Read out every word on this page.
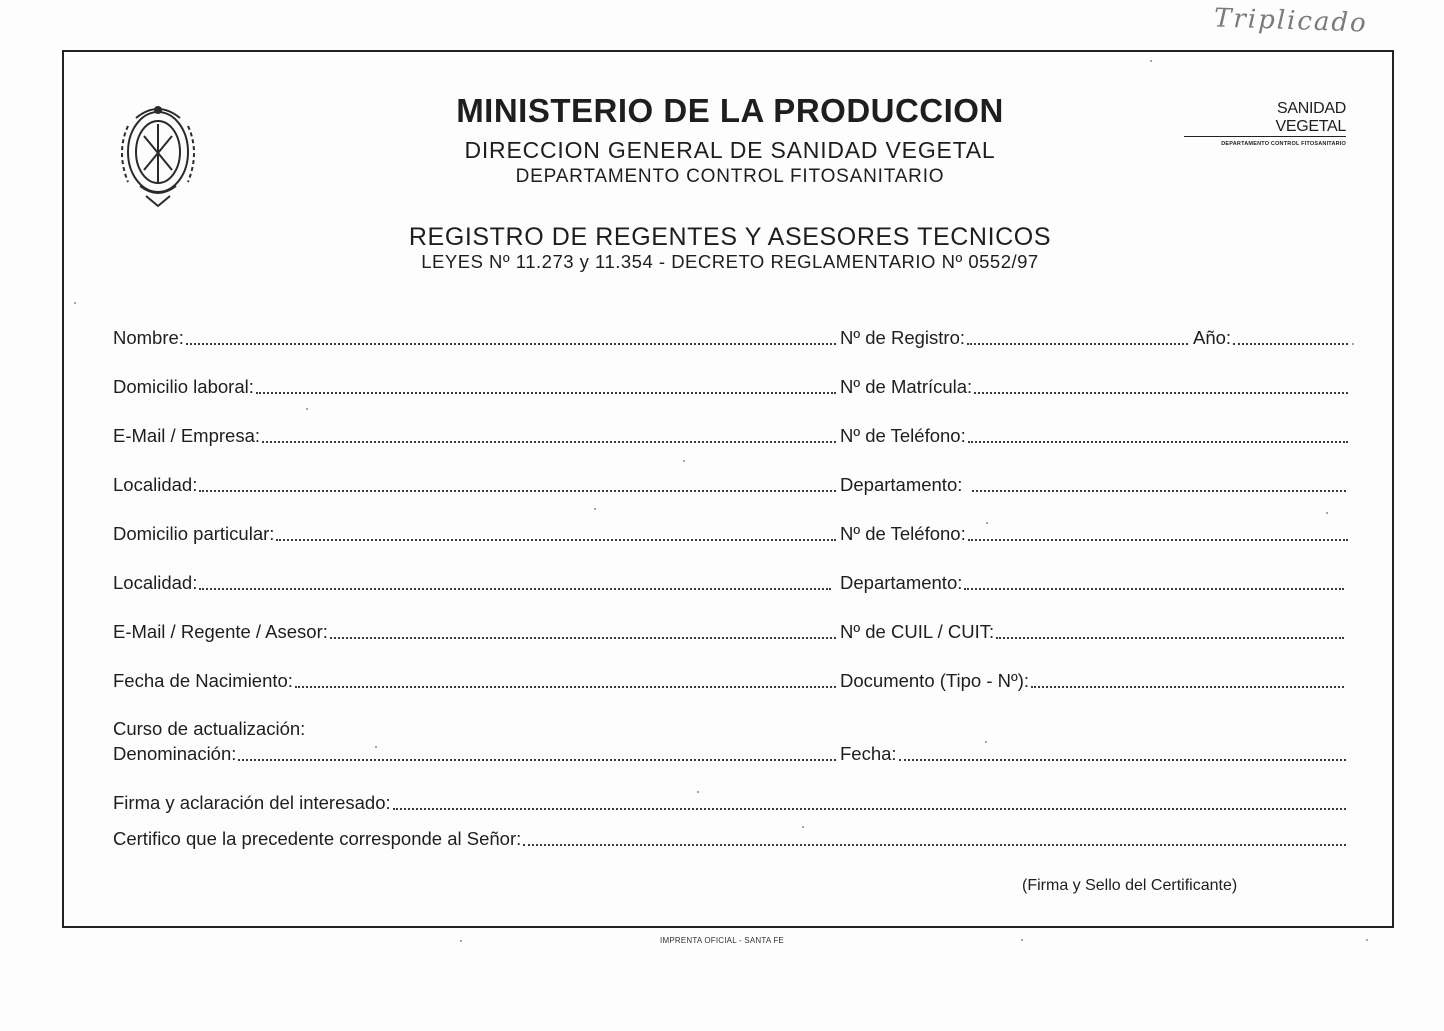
Triplicado
MINISTERIO DE LA PRODUCCION
DIRECCION GENERAL DE SANIDAD VEGETAL
DEPARTAMENTO CONTROL FITOSANITARIO
REGISTRO DE REGENTES Y ASESORES TECNICOS
LEYES Nº 11.273 y 11.354 - DECRETO REGLAMENTARIO Nº 0552/97
SANIDAD VEGETAL
DEPARTAMENTO CONTROL FITOSANITARIO
Nombre:	Nº de Registro:	Año:
Domicilio laboral:	Nº de Matrícula:
E-Mail / Empresa:	Nº de Teléfono:
Localidad:	Departamento:
Domicilio particular:	Nº de Teléfono:
Localidad:	Departamento:
E-Mail / Regente / Asesor:	Nº de CUIL / CUIT:
Fecha de Nacimiento:	Documento (Tipo - Nº):
Curso de actualización:
Denominación:	Fecha:
Firma y aclaración del interesado:
Certifico que la precedente corresponde al Señor:
(Firma y Sello del Certificante)
IMPRENTA OFICIAL - SANTA FE
